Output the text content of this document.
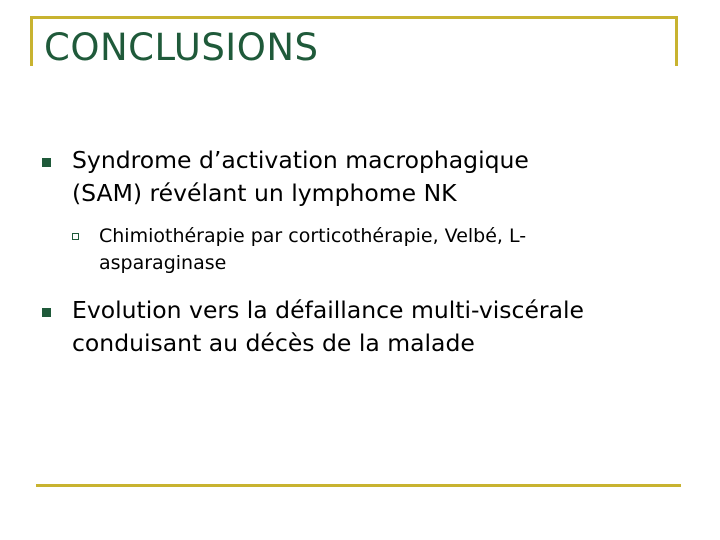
CONCLUSIONS

Syndrome d’activation macrophagique
(SAM) révélant un lymphome NK

Chimiothérapie par corticothérapie, Velbé, L-
asparaginase

Evolution vers la défaillance multi-viscérale
conduisant au décès de la malade
